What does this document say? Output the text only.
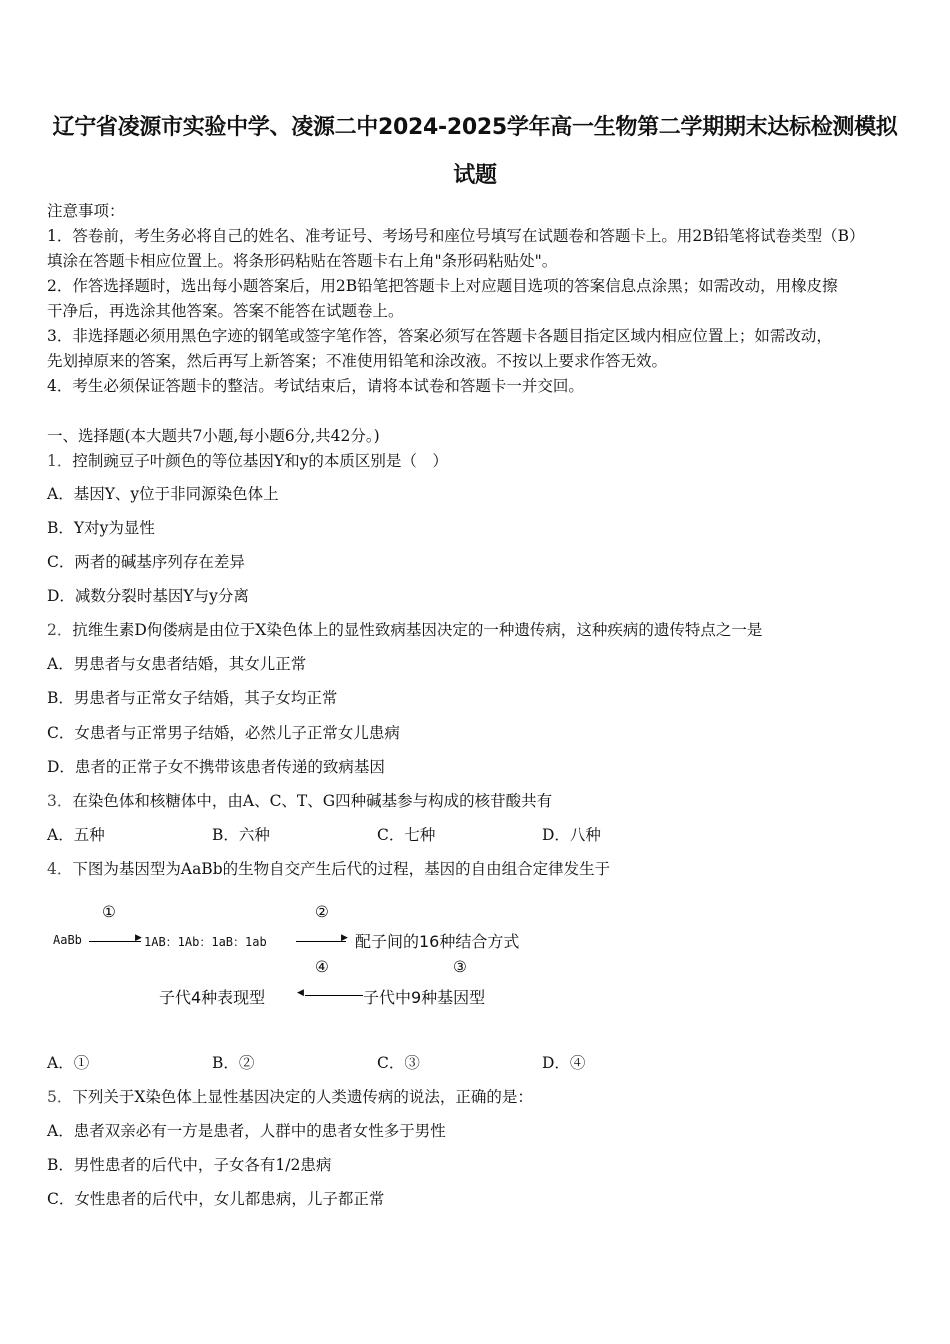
辽宁省凌源市实验中学、凌源二中2024-2025学年高一生物第二学期期末达标检测模拟
试题
注意事项：
1．答卷前，考生务必将自己的姓名、准考证号、考场号和座位号填写在试题卷和答题卡上。用2B铅笔将试卷类型（B）
填涂在答题卡相应位置上。将条形码粘贴在答题卡右上角"条形码粘贴处"。
2．作答选择题时，选出每小题答案后，用2B铅笔把答题卡上对应题目选项的答案信息点涂黑；如需改动，用橡皮擦
干净后，再选涂其他答案。答案不能答在试题卷上。
3．非选择题必须用黑色字迹的钢笔或签字笔作答，答案必须写在答题卡各题目指定区域内相应位置上；如需改动，
先划掉原来的答案，然后再写上新答案；不准使用铅笔和涂改液。不按以上要求作答无效。
4．考生必须保证答题卡的整洁。考试结束后，请将本试卷和答题卡一并交回。
一、选择题(本大题共7小题,每小题6分,共42分。)
1．控制豌豆子叶颜色的等位基因Y和y的本质区别是（　）
A．基因Y、y位于非同源染色体上
B．Y对y为显性
C．两者的碱基序列存在差异
D．减数分裂时基因Y与y分离
2．抗维生素D佝偻病是由位于X染色体上的显性致病基因决定的一种遗传病，这种疾病的遗传特点之一是
A．男患者与女患者结婚，其女儿正常
B．男患者与正常女子结婚，其子女均正常
C．女患者与正常男子结婚，必然儿子正常女儿患病
D．患者的正常子女不携带该患者传递的致病基因
3．在染色体和核糖体中，由A、C、T、G四种碱基参与构成的核苷酸共有
A．五种	B．六种	C．七种	D．八种
4．下图为基因型为AaBb的生物自交产生后代的过程，基因的自由组合定律发生于
①	②
AaBb	▶ 1AB：1Ab：1aB：1ab	▶ 配子间的16种结合方式
④	③
子代4种表现型	◀	子代中9种基因型
A．①	B．②	C．③	D．④
5．下列关于X染色体上显性基因决定的人类遗传病的说法，正确的是：
A．患者双亲必有一方是患者，人群中的患者女性多于男性
B．男性患者的后代中，子女各有1/2患病
C．女性患者的后代中，女儿都患病，儿子都正常
